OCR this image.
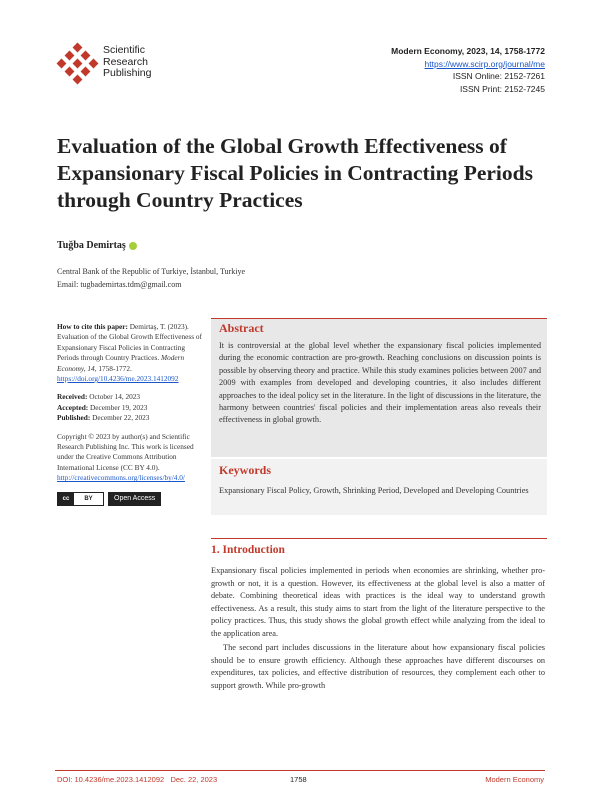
Scientific
Research
Publishing
Modern Economy, 2023, 14, 1758-1772
https://www.scirp.org/journal/me
ISSN Online: 2152-7261
ISSN Print: 2152-7245
Evaluation of the Global Growth Effectiveness of Expansionary Fiscal Policies in Contracting Periods through Country Practices
Tuğba Demirtaş
Central Bank of the Republic of Turkiye, İstanbul, Turkiye
Email: tugbademirtas.tdm@gmail.com

How to cite this paper: Demirtaş, T. (2023). Evaluation of the Global Growth Effectiveness of Expansionary Fiscal Policies in Contracting Periods through Country Practices. Modern Economy, 14, 1758-1772.
https://doi.org/10.4236/me.2023.1412092

Received: October 14, 2023
Accepted: December 19, 2023
Published: December 22, 2023

Copyright © 2023 by author(s) and Scientific Research Publishing Inc. This work is licensed under the Creative Commons Attribution International License (CC BY 4.0).
http://creativecommons.org/licenses/by/4.0/

cc	BY	Open Access
Abstract
It is controversial at the global level whether the expansionary fiscal policies implemented during the economic contraction are pro-growth. Reaching conclusions on discussion points is possible by observing theory and practice. While this study examines policies between 2007 and 2009 with examples from developed and developing countries, it also includes different approaches to the ideal policy set in the literature. In the light of discussions in the literature, the harmony between countries' fiscal policies and their implementation areas also reveals their effectiveness in global growth.
Keywords
Expansionary Fiscal Policy, Growth, Shrinking Period, Developed and Developing Countries
1. Introduction

Expansionary fiscal policies implemented in periods when economies are shrinking, whether pro-growth or not, it is a question. However, its effectiveness at the global level is also a matter of debate. Combining theoretical ideas with practices is the ideal way to understand growth effectiveness. As a result, this study aims to start from the light of the literature perspective to the policy practices. Thus, this study shows the global growth effect while analyzing from the ideal to the application area.

The second part includes discussions in the literature about how expansionary fiscal policies should be to ensure growth efficiency. Although these approaches have different discourses on expenditures, tax policies, and effective distribution of resources, they complement each other to support growth. While pro-growth

DOI: 10.4236/me.2023.1412092 Dec. 22, 2023	1758	Modern Economy
